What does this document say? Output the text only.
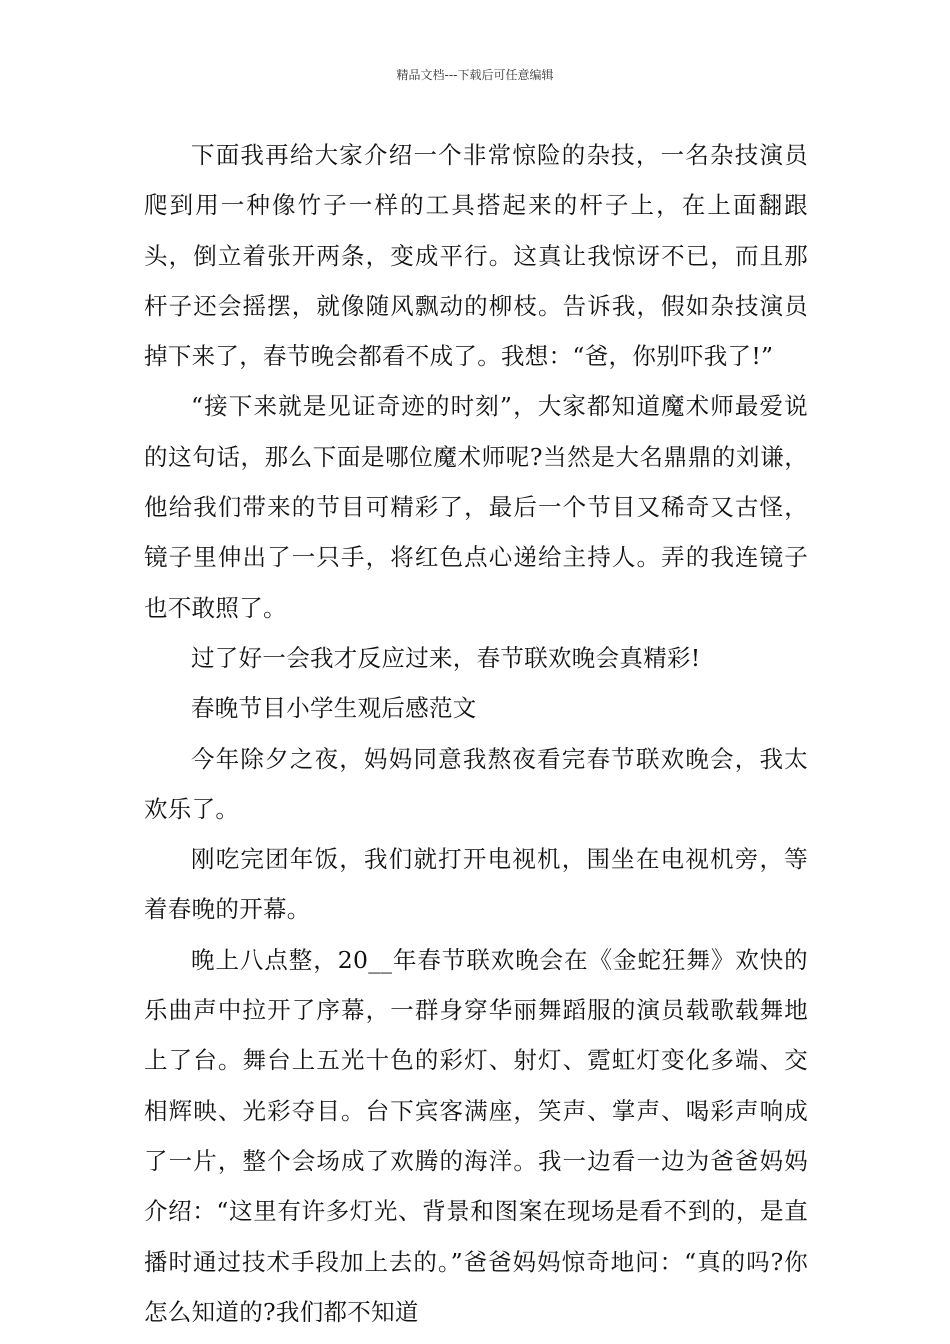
精品文档---下载后可任意编辑

下面我再给大家介绍一个非常惊险的杂技，一名杂技演员爬到用一种像竹子一样的工具搭起来的杆子上，在上面翻跟头，倒立着张开两条，变成平行。这真让我惊讶不已，而且那杆子还会摇摆，就像随风飘动的柳枝。告诉我，假如杂技演员掉下来了，春节晚会都看不成了。我想：“爸，你别吓我了!”

“接下来就是见证奇迹的时刻”，大家都知道魔术师最爱说的这句话，那么下面是哪位魔术师呢?当然是大名鼎鼎的刘谦，他给我们带来的节目可精彩了，最后一个节目又稀奇又古怪，镜子里伸出了一只手，将红色点心递给主持人。弄的我连镜子也不敢照了。

过了好一会我才反应过来，春节联欢晚会真精彩!

春晚节目小学生观后感范文

今年除夕之夜，妈妈同意我熬夜看完春节联欢晚会，我太欢乐了。

刚吃完团年饭，我们就打开电视机，围坐在电视机旁，等着春晚的开幕。

晚上八点整，20__年春节联欢晚会在《金蛇狂舞》欢快的乐曲声中拉开了序幕，一群身穿华丽舞蹈服的演员载歌载舞地上了台。舞台上五光十色的彩灯、射灯、霓虹灯变化多端、交相辉映、光彩夺目。台下宾客满座，笑声、掌声、喝彩声响成了一片，整个会场成了欢腾的海洋。我一边看一边为爸爸妈妈介绍：“这里有许多灯光、背景和图案在现场是看不到的，是直播时通过技术手段加上去的。”爸爸妈妈惊奇地问：“真的吗?你怎么知道的?我们都不知道
